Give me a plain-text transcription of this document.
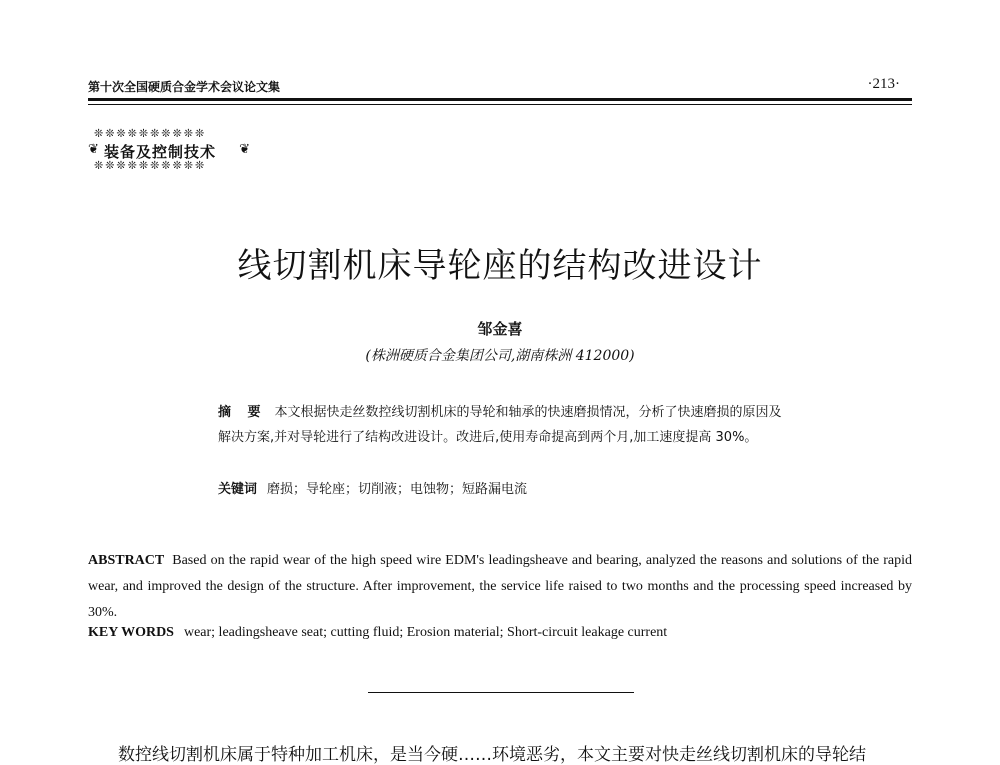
第十次全国硬质合金学术会议论文集	·213·
❊❊❊❊❊❊❊❊❊❊
❦ 装备及控制技术 ❦
❊❊❊❊❊❊❊❊❊❊
线切割机床导轮座的结构改进设计
邹金喜
(株洲硬质合金集团公司,湖南株洲 412000)
摘 要 本文根据快走丝数控线切割机床的导轮和轴承的快速磨损情况，分析了快速磨损的原因及解决方案,并对导轮进行了结构改进设计。改进后,使用寿命提高到两个月,加工速度提高 30%。
关键词 磨损；导轮座；切削液；电蚀物；短路漏电流
ABSTRACT Based on the rapid wear of the high speed wire EDM's leadingsheave and bearing, analyzed the reasons and solutions of the rapid wear, and improved the design of the structure. After improvement, the service life raised to two months and the processing speed increased by 30%.
KEY WORDS wear; leadingsheave seat; cutting fluid; Erosion material; Short-circuit leakage current
数控线切割机床属于特种加工机床，是当今硬……环境恶劣，本文主要对快走丝线切割机床的导轮结
